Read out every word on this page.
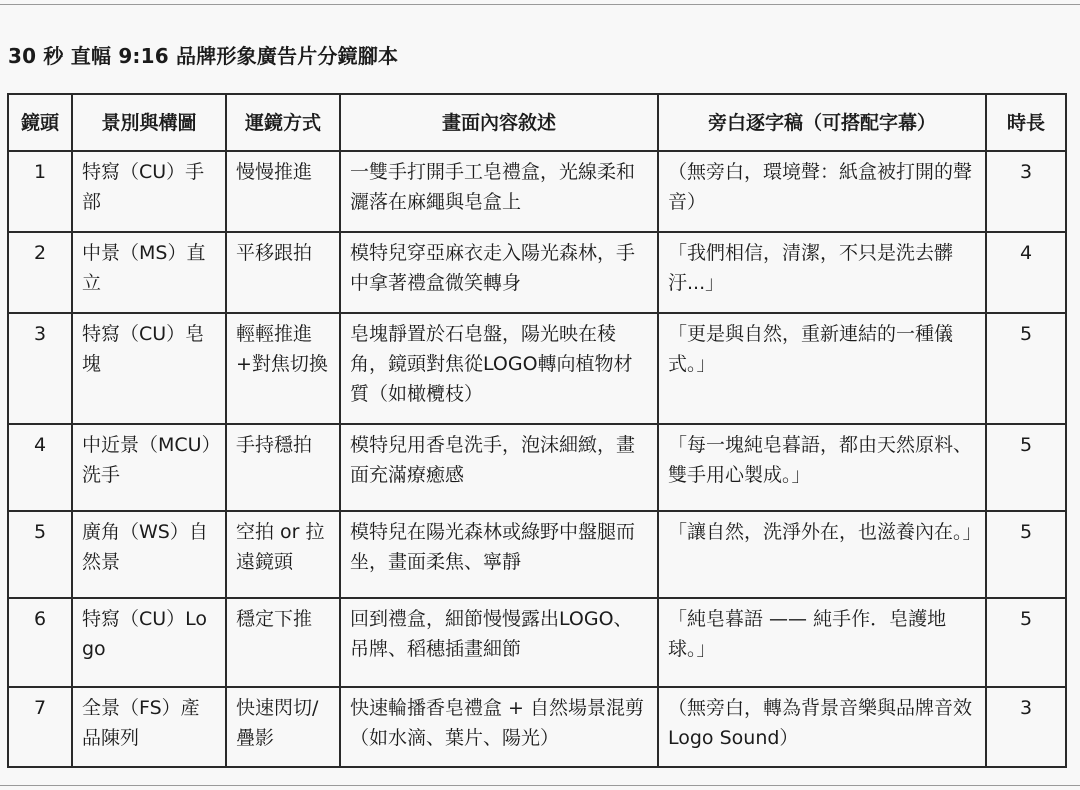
30 秒 直幅 9:16 品牌形象廣告片分鏡腳本
鏡頭	景別與構圖	運鏡方式	畫面內容敘述	旁白逐字稿（可搭配字幕）	時長
1	特寫（CU）手部	慢慢推進	一雙手打開手工皂禮盒，光線柔和灑落在麻繩與皂盒上	（無旁白，環境聲：紙盒被打開的聲音）	3
2	中景（MS）直立	平移跟拍	模特兒穿亞麻衣走入陽光森林，手中拿著禮盒微笑轉身	「我們相信，清潔，不只是洗去髒汙...」	4
3	特寫（CU）皂塊	輕輕推進+對焦切換	皂塊靜置於石皂盤，陽光映在稜角，鏡頭對焦從LOGO轉向植物材質（如橄欖枝）	「更是與自然，重新連結的一種儀式。」	5
4	中近景（MCU）洗手	手持穩拍	模特兒用香皂洗手，泡沫細緻，畫面充滿療癒感	「每一塊純皂暮語，都由天然原料、雙手用心製成。」	5
5	廣角（WS）自然景	空拍 or 拉遠鏡頭	模特兒在陽光森林或綠野中盤腿而坐，畫面柔焦、寧靜	「讓自然，洗淨外在，也滋養內在。」	5
6	特寫（CU）Logo	穩定下推	回到禮盒，細節慢慢露出LOGO、吊牌、稻穗插畫細節	「純皂暮語 —— 純手作．皂護地球。」	5
7	全景（FS）產品陳列	快速閃切/疊影	快速輪播香皂禮盒 + 自然場景混剪（如水滴、葉片、陽光）	（無旁白，轉為背景音樂與品牌音效 Logo Sound）	3
